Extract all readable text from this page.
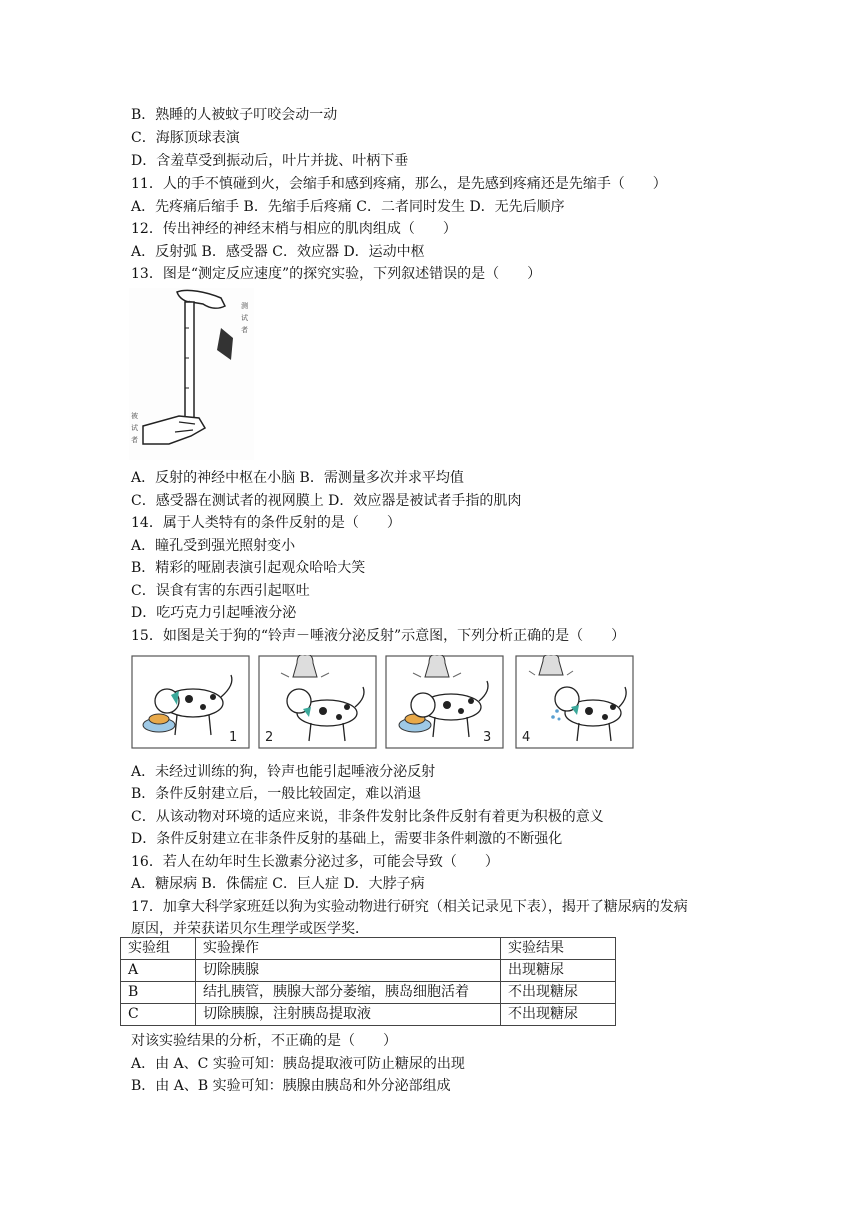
B．熟睡的人被蚊子叮咬会动一动
C．海豚顶球表演
D．含羞草受到振动后，叶片并拢、叶柄下垂
11．人的手不慎碰到火，会缩手和感到疼痛，那么，是先感到疼痛还是先缩手（　　）
A．先疼痛后缩手 B．先缩手后疼痛 C．二者同时发生 D．无先后顺序
12．传出神经的神经末梢与相应的肌肉组成（　　）
A．反射弧 B．感受器 C．效应器 D．运动中枢
13．图是“测定反应速度”的探究实验，下列叙述错误的是（　　）
测
试
者
被
试
者
A．反射的神经中枢在小脑 B．需测量多次并求平均值
C．感受器在测试者的视网膜上 D．效应器是被试者手指的肌肉
14．属于人类特有的条件反射的是（　　）
A．瞳孔受到强光照射变小
B．精彩的哑剧表演引起观众哈哈大笑
C．误食有害的东西引起呕吐
D．吃巧克力引起唾液分泌
15．如图是关于狗的“铃声－唾液分泌反射”示意图，下列分析正确的是（　　）
1 2	3 4
A．未经过训练的狗，铃声也能引起唾液分泌反射
B．条件反射建立后，一般比较固定，难以消退
C．从该动物对环境的适应来说，非条件发射比条件反射有着更为积极的意义
D．条件反射建立在非条件反射的基础上，需要非条件刺激的不断强化
16．若人在幼年时生长激素分泌过多，可能会导致（　　）
A．糖尿病 B．侏儒症 C．巨人症 D．大脖子病
17．加拿大科学家班廷以狗为实验动物进行研究（相关记录见下表），揭开了糖尿病的发病
原因，并荣获诺贝尔生理学或医学奖．
实验组	实验操作	实验结果
A	切除胰腺	出现糖尿
B	结扎胰管，胰腺大部分萎缩，胰岛细胞活着	不出现糖尿
C	切除胰腺，注射胰岛提取液	不出现糖尿
对该实验结果的分析，不正确的是（　　）
A．由 A、C 实验可知：胰岛提取液可防止糖尿的出现
B．由 A、B 实验可知：胰腺由胰岛和外分泌部组成
